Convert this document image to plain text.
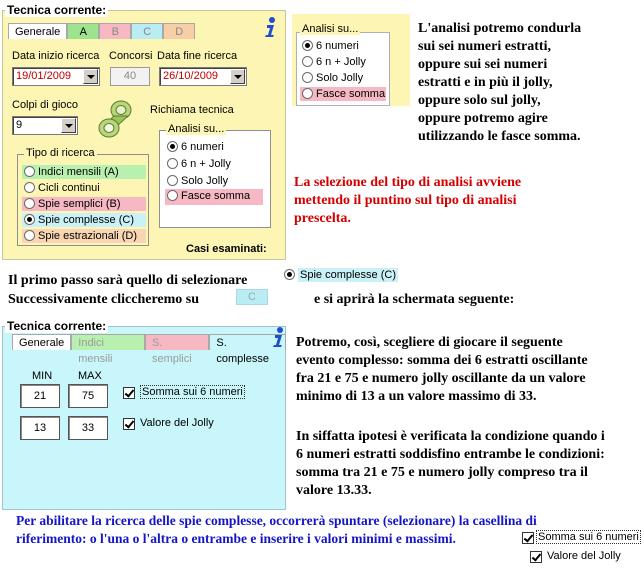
Tecnica corrente:
Generale	A	B	C	D
Data inizio ricerca
19/01/2009
Concorsi
40
Data fine ricerca
26/10/2009
Colpi di gioco
9
Richiama tecnica
Tipo di ricerca
Indici mensili (A)
Cicli continui
Spie semplici (B)
Spie complesse (C)
Spie estrazionali (D)
Analisi su...
6 numeri
6 n + Jolly
Solo Jolly
Fasce somma
Casi esaminati:
Analisi su...
6 numeri
6 n + Jolly
Solo Jolly
Fasce somma
L'analisi potremo condurla
sui sei numeri estratti,
oppure sui sei numeri
estratti e in più il jolly,
oppure solo sul jolly,
oppure potremo agire
utilizzando le fasce somma.
La selezione del tipo di analisi avviene
mettendo il puntino sul tipo di analisi
prescelta.
Il primo passo sarà quello di selezionare
Successivamente cliccheremo su	C	e si aprirà la schermata seguente:
Spie complesse (C)
Tecnica corrente:
Generale	Indici mensili
S. semplici
S. complesse
MIN MAX
21	75	Somma sui 6 numeri
13	33	Valore del Jolly
Potremo, così, scegliere di giocare il seguente
evento complesso: somma dei 6 estratti oscillante
fra 21 e 75 e numero jolly oscillante da un valore
minimo di 13 a un valore massimo di 33.
In siffatta ipotesi è verificata la condizione quando i
6 numeri estratti soddisfino entrambe le condizioni:
somma tra 21 e 75 e numero jolly compreso tra il
valore 13.33.
Per abilitare la ricerca delle spie complesse, occorrerà spuntare (selezionare) la casellina di
riferimento: o l'una o l'altra o entrambe e inserire i valori minimi e massimi.	Somma sui 6 numeri
Valore del Jolly
